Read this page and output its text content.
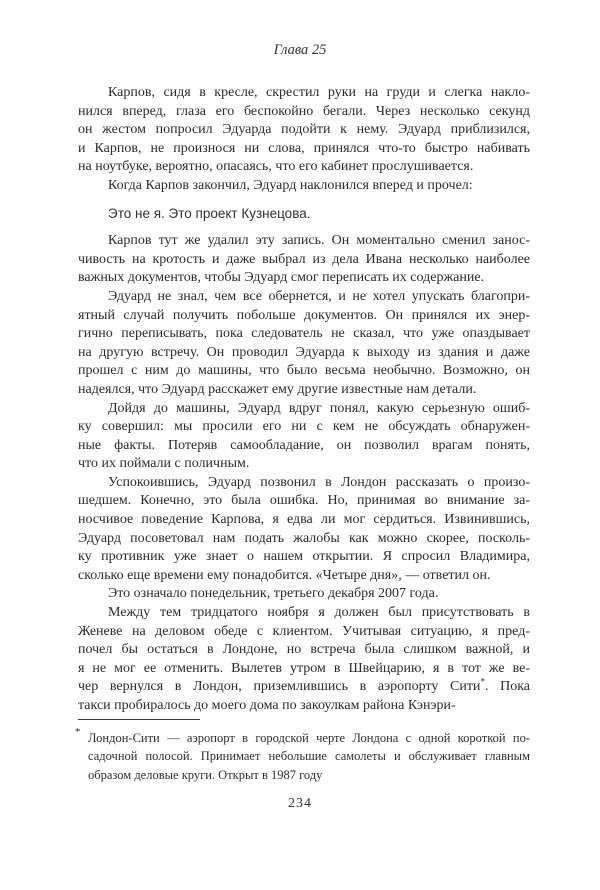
Глава 25
Карпов, сидя в кресле, скрестил руки на груди и слегка накло-
нился вперед, глаза его беспокойно бегали. Через несколько секунд
он жестом попросил Эдуарда подойти к нему. Эдуард приблизился,
и Карпов, не произнося ни слова, принялся что-то быстро набивать
на ноутбуке, вероятно, опасаясь, что его кабинет прослушивается.
Когда Карпов закончил, Эдуард наклонился вперед и прочел:
Это не я. Это проект Кузнецова.
Карпов тут же удалил эту запись. Он моментально сменил занос-
чивость на кротость и даже выбрал из дела Ивана несколько наиболее
важных документов, чтобы Эдуард смог переписать их содержание.
Эдуард не знал, чем все обернется, и не хотел упускать благопри-
ятный случай получить побольше документов. Он принялся их энер-
гично переписывать, пока следователь не сказал, что уже опаздывает
на другую встречу. Он проводил Эдуарда к выходу из здания и даже
прошел с ним до машины, что было весьма необычно. Возможно, он
надеялся, что Эдуард расскажет ему другие известные нам детали.
Дойдя до машины, Эдуард вдруг понял, какую серьезную ошиб-
ку совершил: мы просили его ни с кем не обсуждать обнаружен-
ные факты. Потеряв самообладание, он позволил врагам понять,
что их поймали с поличным.
Успокоившись, Эдуард позвонил в Лондон рассказать о произо-
шедшем. Конечно, это была ошибка. Но, принимая во внимание за-
носчивое поведение Карпова, я едва ли мог сердиться. Извинившись,
Эдуард посоветовал нам подать жалобы как можно скорее, посколь-
ку противник уже знает о нашем открытии. Я спросил Владимира,
сколько еще времени ему понадобится. «Четыре дня», — ответил он.
Это означало понедельник, третьего декабря 2007 года.
Между тем тридцатого ноября я должен был присутствовать в
Женеве на деловом обеде с клиентом. Учитывая ситуацию, я пред-
почел бы остаться в Лондоне, но встреча была слишком важной, и
я не мог ее отменить. Вылетев утром в Швейцарию, я в тот же ве-
чер вернулся в Лондон, приземлившись в аэропорту Сити*. Пока
такси пробиралось до моего дома по закоулкам района Кэнэри-
* Лондон-Сити — аэропорт в городской черте Лондона с одной короткой по-
садочной полосой. Принимает небольшие самолеты и обслуживает главным
образом деловые круги. Открыт в 1987 году
234
